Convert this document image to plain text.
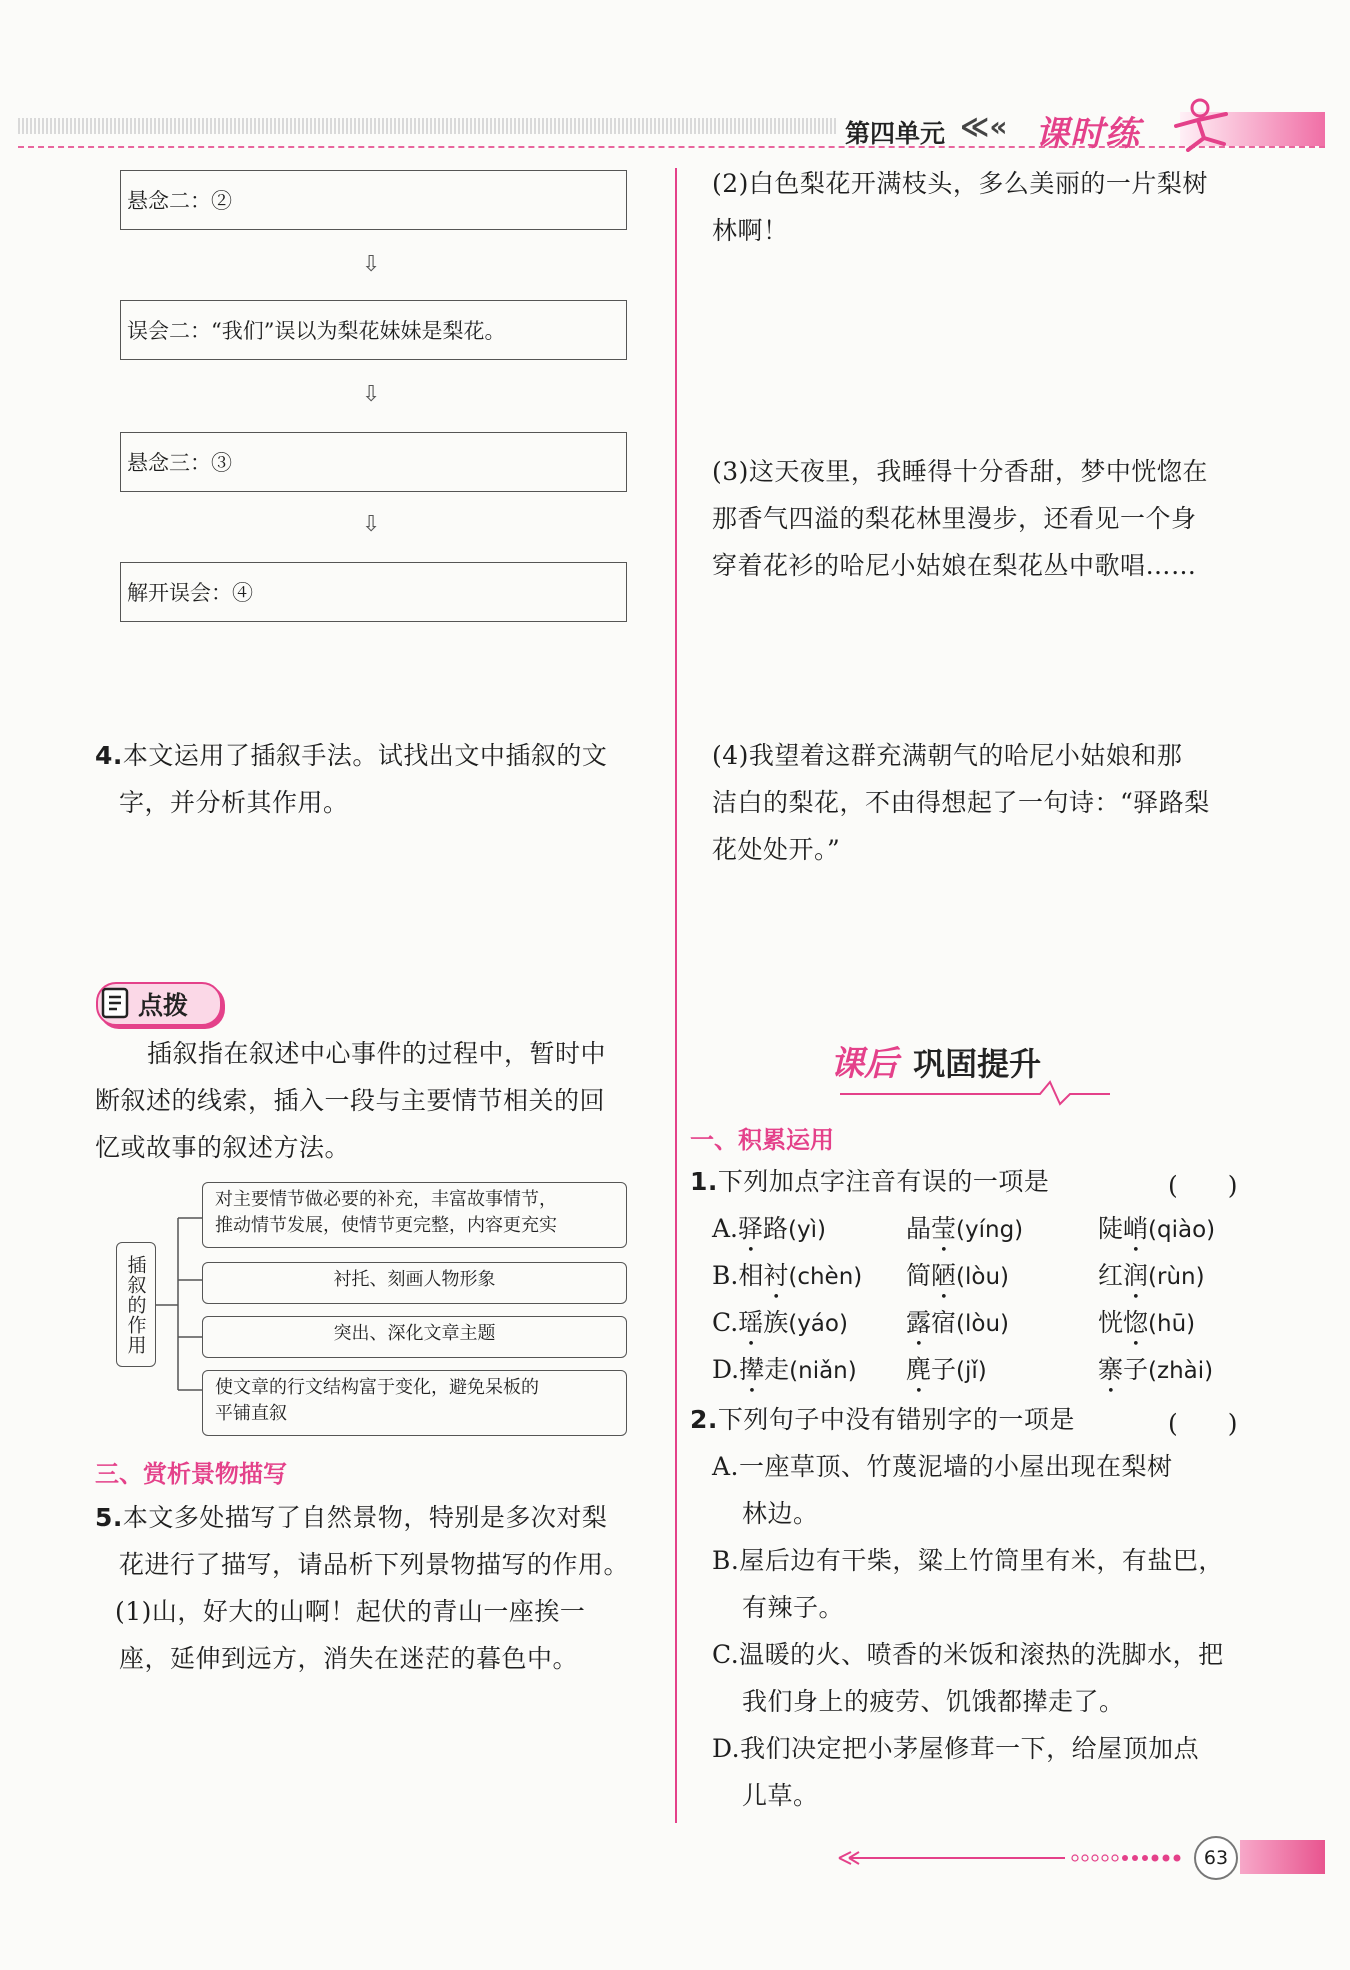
第四单元 ≪« 课时练
悬念二：②
⇩
误会二：“我们”误以为梨花妹妹是梨花。
⇩
悬念三：③
⇩
解开误会：④
4.本文运用了插叙手法。试找出文中插叙的文
字，并分析其作用。
点拨
插叙指在叙述中心事件的过程中，暂时中
断叙述的线索，插入一段与主要情节相关的回
忆或故事的叙述方法。
插叙的作用
对主要情节做必要的补充，丰富故事情节，
推动情节发展，使情节更完整，内容更充实
衬托、刻画人物形象
突出、深化文章主题
使文章的行文结构富于变化，避免呆板的
平铺直叙
三、赏析景物描写
5.本文多处描写了自然景物，特别是多次对梨
花进行了描写，请品析下列景物描写的作用。
(1)山，好大的山啊！起伏的青山一座挨一
座，延伸到远方，消失在迷茫的暮色中。
(2)白色梨花开满枝头，多么美丽的一片梨树
林啊！
(3)这天夜里，我睡得十分香甜，梦中恍惚在
那香气四溢的梨花林里漫步，还看见一个身
穿着花衫的哈尼小姑娘在梨花丛中歌唱……
(4)我望着这群充满朝气的哈尼小姑娘和那
洁白的梨花，不由得想起了一句诗：“驿路梨
花处处开。”
课后 巩固提升
一、积累运用
1.下列加点字注音有误的一项是	(　　)
A.驿路(yì)	晶莹(yíng)	陡峭(qiào)
B.相衬(chèn) 简陋(lòu)	红润(rùn)
C.瑶族(yáo) 露宿(lòu)	恍惚(hū)
D.撵走(niǎn) 麂子(jǐ)	寨子(zhài)
2.下列句子中没有错别字的一项是	(　　)
A.一座草顶、竹蔑泥墙的小屋出现在梨树
林边。
B.屋后边有干柴，粱上竹筒里有米，有盐巴，
有辣子。
C.温暖的火、喷香的米饭和滚热的洗脚水，把
我们身上的疲劳、饥饿都撵走了。
D.我们决定把小茅屋修茸一下，给屋顶加点
儿草。
63
